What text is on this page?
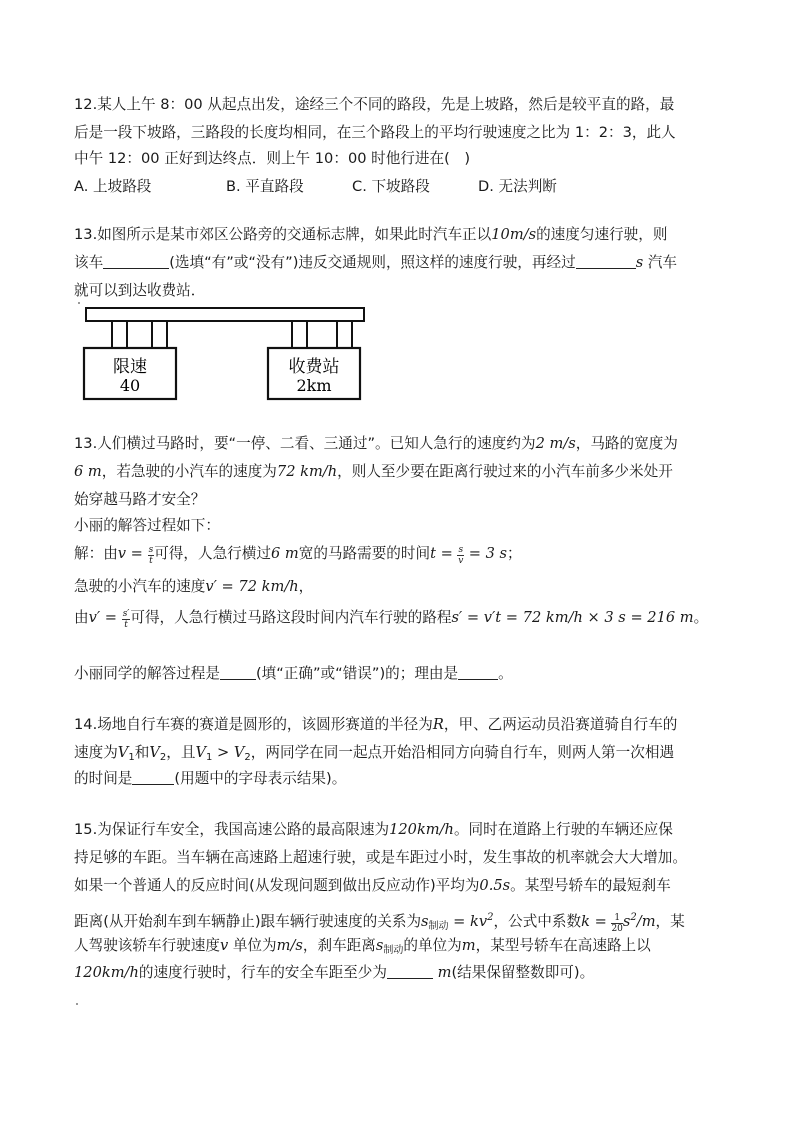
12.某人上午 8：00 从起点出发，途经三个不同的路段，先是上坡路，然后是较平直的路，最
后是一段下坡路，三路段的长度均相同，在三个路段上的平均行驶速度之比为 1：2：3，此人
中午 12：00 正好到达终点．则上午 10：00 时他行进在(　)
A. 上坡路段	B. 平直路段	C. 下坡路段	D. 无法判断
13.如图所示是某市郊区公路旁的交通标志牌，如果此时汽车正以10m/s的速度匀速行驶，则
该车	(选填“有”或“没有”)违反交通规则，照这样的速度行驶，再经过	s 汽车
就可以到达收费站．
限速
40
收费站
2km
13.人们横过马路时，要“一停、二看、三通过”。已知人急行的速度约为2 m/s，马路的宽度为
6 m，若急驶的小汽车的速度为72 km/h，则人至少要在距离行驶过来的小汽车前多少米处开
始穿越马路才安全？
小丽的解答过程如下：
解：由$v = \frac{s}{t}$ 可得，人急行横过6 m宽的马路需要的时间$t = \frac{s}{v} = 3$ s；
急驶的小汽车的速度v′ = 72 km/h，
由$v' = \frac{s'}{t}$ 可得，人急行横过马路这段时间内汽车行驶的路程s′ = v′t = 72 km/h × 3 s = 216 m。
小丽同学的解答过程是 (填“正确”或“错误”)的；理由是	。
14.场地自行车赛的赛道是圆形的，该圆形赛道的半径为R，甲、乙两运动员沿赛道骑自行车的
速度为$V_1$和$V_2$，且$V_1 > V_2$，两同学在同一起点开始沿相同方向骑自行车，则两人第一次相遇
的时间是	(用题中的字母表示结果)。
15.为保证行车安全，我国高速公路的最高限速为120km/h。同时在道路上行驶的车辆还应保
持足够的车距。当车辆在高速路上超速行驶，或是车距过小时，发生事故的机率就会大大增加。
如果一个普通人的反应时间(从发现问题到做出反应动作)平均为0.5s。某型号轿车的最短刹车
距离(从开始刹车到车辆静止)跟车辆行驶速度的关系为$s_{制动} = kv^2$，公式中系数$k = \frac{1}{20} s^2/m$，某
人驾驶该轿车行驶速度v 单位为m/s，刹车距离$s_{制动}$的单位为m，某型号轿车在高速路上以
120km/h的速度行驶时，行车的安全车距至少为	m(结果保留整数即可)。
